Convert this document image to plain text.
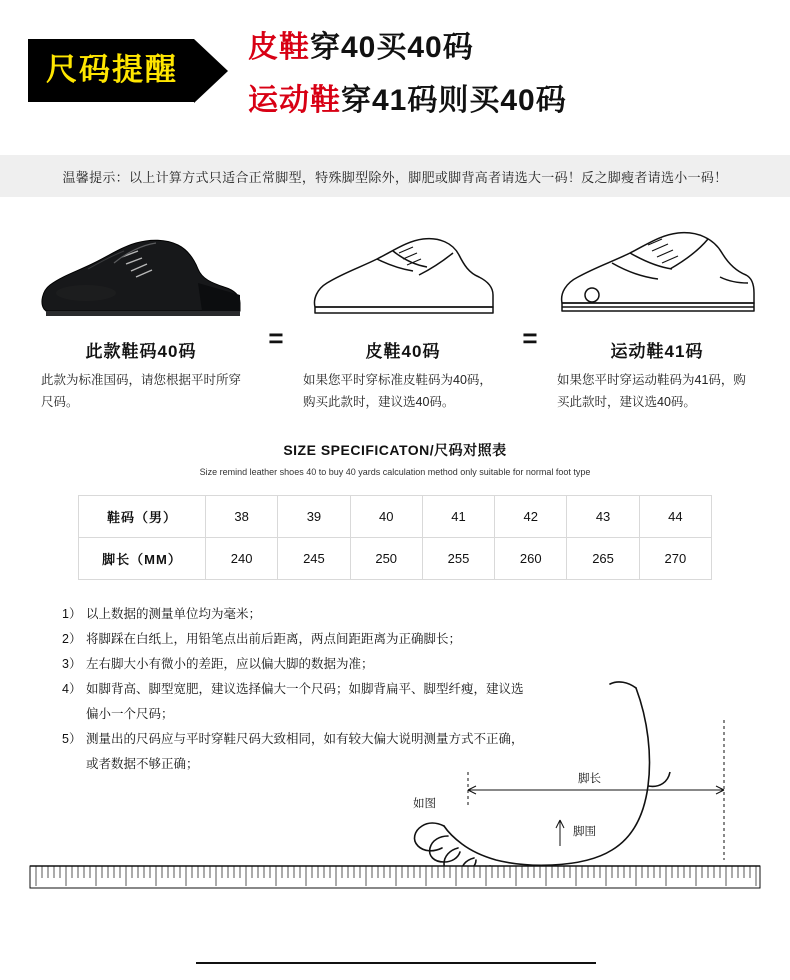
尺码提醒
皮鞋穿40买40码
运动鞋穿41码则买40码
温馨提示：以上计算方式只适合正常脚型，特殊脚型除外，脚肥或脚背高者请选大一码！反之脚瘦者请选小一码！
此款鞋码40码
此款为标准国码，请您根据平时所穿尺码。
=	皮鞋40码
如果您平时穿标准皮鞋码为40码，购买此款时，建议选40码。
=	运动鞋41码
如果您平时穿运动鞋码为41码，购买此款时，建议选40码。
SIZE SPECIFICATON/尺码对照表
Size remind leather shoes 40 to buy 40 yards calculation method only suitable for normal foot type
鞋码（男）	38	39	40	41	42	43	44
脚长（MM）	240	245	250	255	260	265	270
1） 以上数据的测量单位均为毫米；
2） 将脚踩在白纸上，用铅笔点出前后距离，两点间距距离为正确脚长；
3） 左右脚大小有微小的差距，应以偏大脚的数据为准；
4） 如脚背高、脚型宽肥，建议选择偏大一个尺码；如脚背扁平、脚型纤瘦，建议选
偏小一个尺码；
5） 测量出的尺码应与平时穿鞋尺码大致相同，如有较大偏大说明测量方式不正确，
或者数据不够正确；
如图
脚长
脚围
